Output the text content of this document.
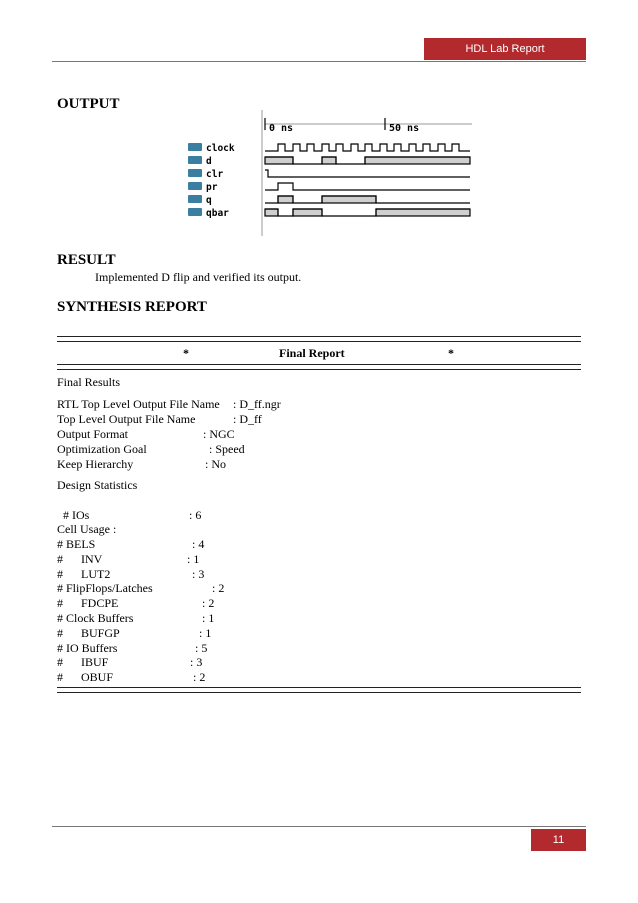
HDL Lab Report
OUTPUT
0 ns	50 ns
clock
d
clr
pr
q
qbar
RESULT
Implemented D flip and verified its output.
SYNTHESIS REPORT
*	Final Report	*
Final Results
RTL Top Level Output File Name : D_ff.ngr
Top Level Output File Name	: D_ff
Output Format	: NGC
Optimization Goal	: Speed
Keep Hierarchy	: No
Design Statistics

# IOs	: 6

Cell Usage :
# BELS	: 4
#      INV	: 1
#      LUT2	: 3
# FlipFlops/Latches	: 2
#      FDCPE	: 2
# Clock Buffers	: 1
#      BUFGP	: 1
# IO Buffers	: 5
#      IBUF	: 3
#      OBUF	: 2
11
